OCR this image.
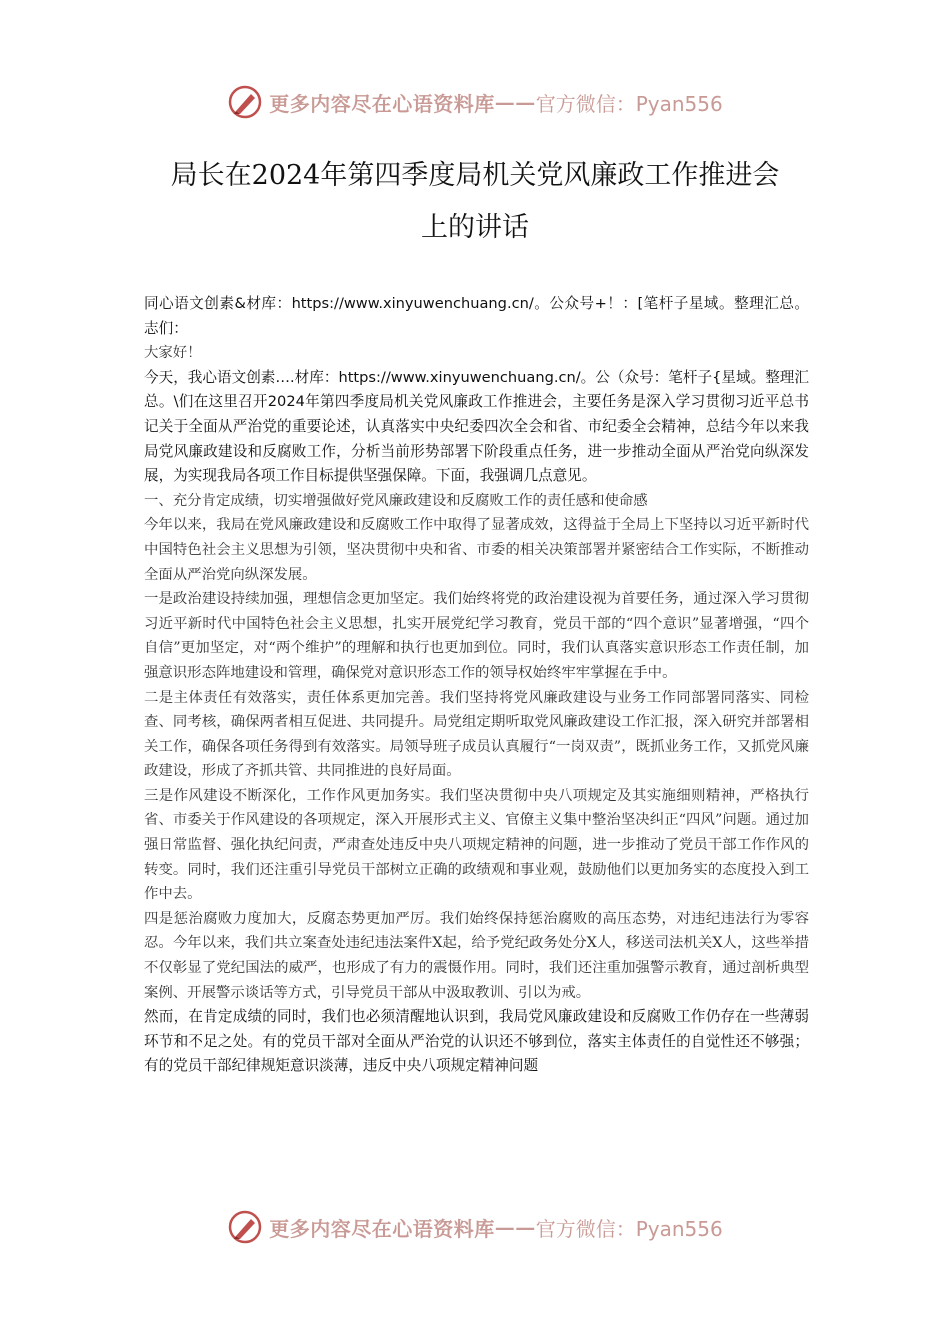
更多内容尽在心语资料库 —— 官方微信：Pyan556
局长在2024年第四季度局机关党风廉政工作推进会
上的讲话

同心语文创素&材库：https://www.xinyuwenchuang.cn/。公众号+！：[笔杆子星域。整理汇总。志们：

大家好！

今天，我心语文创素….材库：https://www.xinyuwenchuang.cn/。公（众号：笔杆子{星域。整理汇总。\们在这里召开2024年第四季度局机关党风廉政工作推进会，主要任务是深入学习贯彻习近平总书记关于全面从严治党的重要论述，认真落实中央纪委四次全会和省、市纪委全会精神，总结今年以来我局党风廉政建设和反腐败工作，分析当前形势部署下阶段重点任务，进一步推动全面从严治党向纵深发展，为实现我局各项工作目标提供坚强保障。下面，我强调几点意见。

一、充分肯定成绩，切实增强做好党风廉政建设和反腐败工作的责任感和使命感

今年以来，我局在党风廉政建设和反腐败工作中取得了显著成效，这得益于全局上下坚持以习近平新时代中国特色社会主义思想为引领，坚决贯彻中央和省、市委的相关决策部署并紧密结合工作实际，不断推动全面从严治党向纵深发展。

一是政治建设持续加强，理想信念更加坚定。我们始终将党的政治建设视为首要任务，通过深入学习贯彻习近平新时代中国特色社会主义思想，扎实开展党纪学习教育，党员干部的“四个意识”显著增强，“四个自信”更加坚定，对“两个维护”的理解和执行也更加到位。同时，我们认真落实意识形态工作责任制，加强意识形态阵地建设和管理，确保党对意识形态工作的领导权始终牢牢掌握在手中。

二是主体责任有效落实，责任体系更加完善。我们坚持将党风廉政建设与业务工作同部署同落实、同检查、同考核，确保两者相互促进、共同提升。局党组定期听取党风廉政建设工作汇报，深入研究并部署相关工作，确保各项任务得到有效落实。局领导班子成员认真履行“一岗双责”，既抓业务工作，又抓党风廉政建设，形成了齐抓共管、共同推进的良好局面。

三是作风建设不断深化，工作作风更加务实。我们坚决贯彻中央八项规定及其实施细则精神，严格执行省、市委关于作风建设的各项规定，深入开展形式主义、官僚主义集中整治坚决纠正“四风”问题。通过加强日常监督、强化执纪问责，严肃查处违反中央八项规定精神的问题，进一步推动了党员干部工作作风的转变。同时，我们还注重引导党员干部树立正确的政绩观和事业观，鼓励他们以更加务实的态度投入到工作中去。

四是惩治腐败力度加大，反腐态势更加严厉。我们始终保持惩治腐败的高压态势，对违纪违法行为零容忍。今年以来，我们共立案查处违纪违法案件X起，给予党纪政务处分X人，移送司法机关X人，这些举措不仅彰显了党纪国法的威严，也形成了有力的震慑作用。同时，我们还注重加强警示教育，通过剖析典型案例、开展警示谈话等方式，引导党员干部从中汲取教训、引以为戒。

然而，在肯定成绩的同时，我们也必须清醒地认识到，我局党风廉政建设和反腐败工作仍存在一些薄弱环节和不足之处。有的党员干部对全面从严治党的认识还不够到位，落实主体责任的自觉性还不够强；有的党员干部纪律规矩意识淡薄，违反中央八项规定精神问题

更多内容尽在心语资料库 —— 官方微信：Pyan556
